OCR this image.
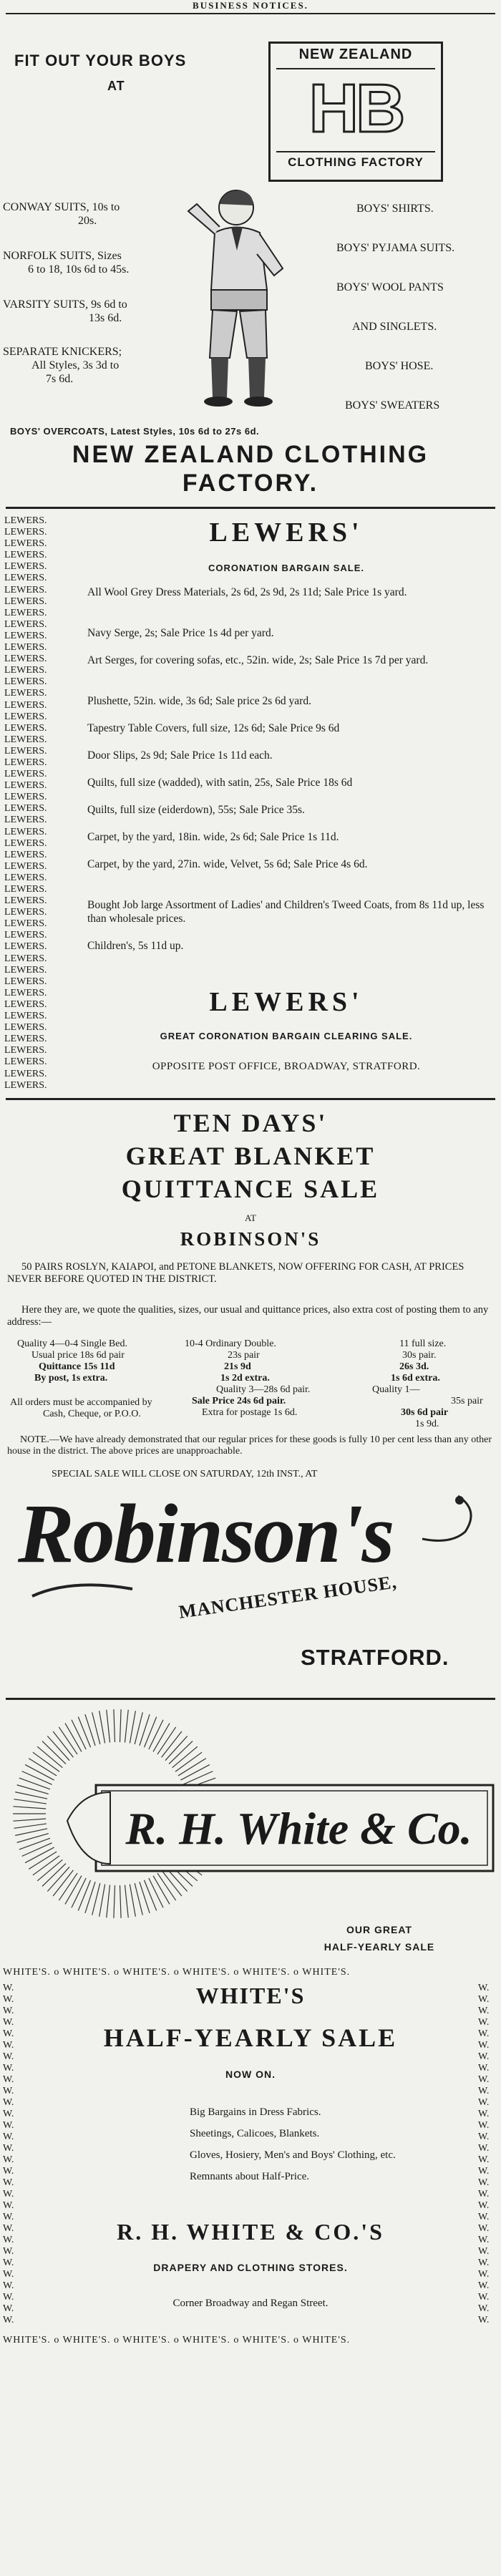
BUSINESS NOTICES.
FIT OUT YOUR BOYS
AT
NEW ZEALAND
HB
CLOTHING FACTORY
CONWAY SUITS, 10s to
20s.
NORFOLK SUITS, Sizes
6 to 18, 10s 6d to 45s.
VARSITY SUITS, 9s 6d to
13s 6d.
SEPARATE KNICKERS;
All Styles, 3s 3d to
7s 6d.
BOYS' SHIRTS.
BOYS' PYJAMA SUITS.
BOYS' WOOL PANTS
AND SINGLETS.
BOYS' HOSE.
BOYS' SWEATERS
BOYS' OVERCOATS, Latest Styles, 10s 6d to 27s 6d.
NEW ZEALAND CLOTHING
FACTORY.
LEWERS.
LEWERS.
LEWERS.
LEWERS.
LEWERS.
LEWERS.
LEWERS.
LEWERS.
LEWERS.
LEWERS.
LEWERS.
LEWERS.
LEWERS.
LEWERS.
LEWERS.
LEWERS.
LEWERS.
LEWERS.
LEWERS.
LEWERS.
LEWERS.
LEWERS.
LEWERS.
LEWERS.
LEWERS.
LEWERS.
LEWERS.
LEWERS.
LEWERS.
LEWERS.
LEWERS.
LEWERS.
LEWERS.
LEWERS.
LEWERS.
LEWERS.
LEWERS.
LEWERS.
LEWERS.
LEWERS.
LEWERS.
LEWERS.
LEWERS.
LEWERS.
LEWERS.
LEWERS.
LEWERS.
LEWERS.
LEWERS.
LEWERS.
LEWERS'
CORONATION BARGAIN SALE.
All Wool Grey Dress Materials, 2s 6d, 2s 9d, 2s 11d; Sale Price 1s yard.
Navy Serge, 2s; Sale Price 1s 4d per yard.
Art Serges, for covering sofas, etc., 52in. wide, 2s; Sale Price 1s 7d per yard.
Plushette, 52in. wide, 3s 6d; Sale price 2s 6d yard.
Tapestry Table Covers, full size, 12s 6d; Sale Price 9s 6d
Door Slips, 2s 9d; Sale Price 1s 11d each.
Quilts, full size (wadded), with satin, 25s, Sale Price 18s 6d
Quilts, full size (eiderdown), 55s; Sale Price 35s.
Carpet, by the yard, 18in. wide, 2s 6d; Sale Price 1s 11d.
Carpet, by the yard, 27in. wide, Velvet, 5s 6d; Sale Price 4s 6d.
Bought Job large Assortment of Ladies' and Children's Tweed Coats, from 8s 11d up, less than wholesale prices.
Children's, 5s 11d up.
LEWERS'
GREAT CORONATION BARGAIN CLEARING SALE.
OPPOSITE POST OFFICE, BROADWAY, STRATFORD.
TEN DAYS'
GREAT BLANKET
QUITTANCE SALE
AT
ROBINSON'S
50 PAIRS ROSLYN, KAIAPOI, and PETONE BLANKETS, NOW OFFERING FOR CASH, AT PRICES NEVER BEFORE QUOTED IN THE DISTRICT.
Here they are, we quote the qualities, sizes, our usual and quittance prices, also extra cost of posting them to any address:—
Quality 4—0-4 Single Bed.
Usual price 18s 6d pair
Quittance 15s 11d
By post, 1s extra.
10-4 Ordinary Double.
23s pair
21s 9d
1s 2d extra.
Quality 3—28s 6d pair.
Sale Price 24s 6d pair.
Extra for postage 1s 6d.
11 full size.
30s pair.
26s 3d.
1s 6d extra.
Quality 1—
35s pair
30s 6d pair
1s 9d.
All orders must be accompanied by
Cash, Cheque, or P.O.O.
NOTE.—We have already demonstrated that our regular prices for these goods is fully 10 per cent less than any other house in the district. The above prices are unapproachable.
SPECIAL SALE WILL CLOSE ON SATURDAY, 12th INST., AT
Robinson's
MANCHESTER HOUSE,
STRATFORD.
R. H. White & Co.
OUR GREAT
HALF-YEARLY SALE
WHITE'S. o WHITE'S. o WHITE'S. o WHITE'S. o WHITE'S. o WHITE'S.
W.
W.
W.
W.
W.
W.
W.
W.
W.
W.
W.
W.
W.
W.
W.
W.
W.
W.
W.
W.
W.
W.
W.
W.
W.
W.
W.
W.
W.
W.
W.
W.
W.
W.
W.
W.
W.
W.
W.
W.
W.
W.
W.
W.
W.
W.
W.
W.
W.
W.
W.
W.
W.
W.
W.
W.
W.
W.
W.
W.
WHITE'S
HALF-YEARLY SALE
NOW ON.
Big Bargains in Dress Fabrics.
Sheetings, Calicoes, Blankets.
Gloves, Hosiery, Men's and Boys' Clothing, etc.
Remnants about Half-Price.
R. H. WHITE & CO.'S
DRAPERY AND CLOTHING STORES.
Corner Broadway and Regan Street.
WHITE'S. o WHITE'S. o WHITE'S. o WHITE'S. o WHITE'S. o WHITE'S.
